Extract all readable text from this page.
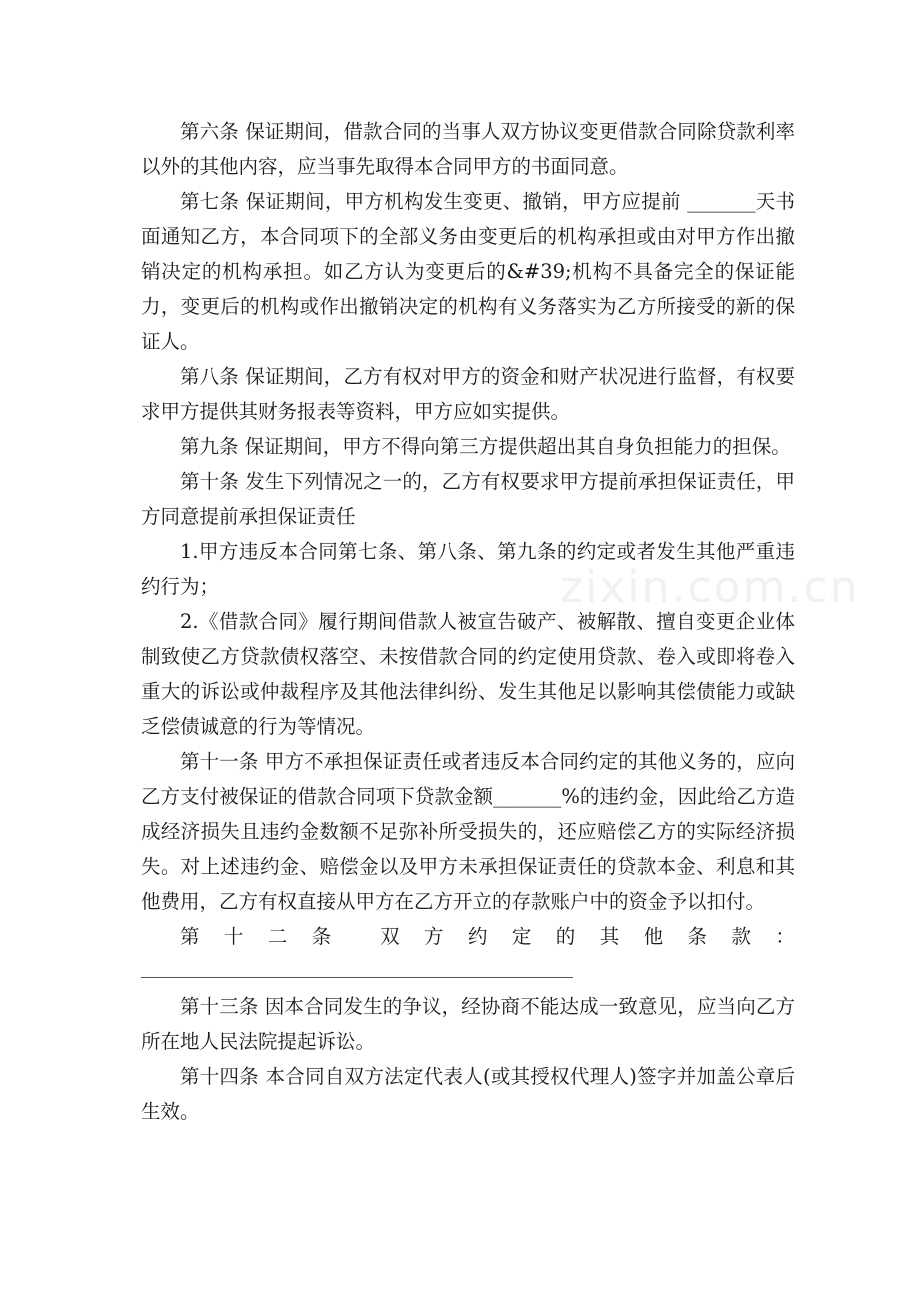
zixin.com.cn

第六条 保证期间，借款合同的当事人双方协议变更借款合同除贷款利率以外的其他内容，应当事先取得本合同甲方的书面同意。

第七条 保证期间，甲方机构发生变更、撤销，甲方应提前 _______天书面通知乙方，本合同项下的全部义务由变更后的机构承担或由对甲方作出撤销决定的机构承担。如乙方认为变更后的&#39;机构不具备完全的保证能力，变更后的机构或作出撤销决定的机构有义务落实为乙方所接受的新的保证人。

第八条 保证期间，乙方有权对甲方的资金和财产状况进行监督，有权要求甲方提供其财务报表等资料，甲方应如实提供。

第九条 保证期间，甲方不得向第三方提供超出其自身负担能力的担保。

第十条 发生下列情况之一的，乙方有权要求甲方提前承担保证责任，甲方同意提前承担保证责任

1.甲方违反本合同第七条、第八条、第九条的约定或者发生其他严重违约行为；

2.《借款合同》履行期间借款人被宣告破产、被解散、擅自变更企业体制致使乙方贷款债权落空、未按借款合同的约定使用贷款、卷入或即将卷入重大的诉讼或仲裁程序及其他法律纠纷、发生其他足以影响其偿债能力或缺乏偿债诚意的行为等情况。

第十一条 甲方不承担保证责任或者违反本合同约定的其他义务的，应向乙方支付被保证的借款合同项下贷款金额_______%的违约金，因此给乙方造成经济损失且违约金数额不足弥补所受损失的，还应赔偿乙方的实际经济损失。对上述违约金、赔偿金以及甲方未承担保证责任的贷款本金、利息和其他费用，乙方有权直接从甲方在乙方开立的存款账户中的资金予以扣付。

第 十 二 条	双 方 约 定 的 其 他 条 款 ：

第十三条 因本合同发生的争议，经协商不能达成一致意见，应当向乙方所在地人民法院提起诉讼。

第十四条 本合同自双方法定代表人(或其授权代理人)签字并加盖公章后生效。
